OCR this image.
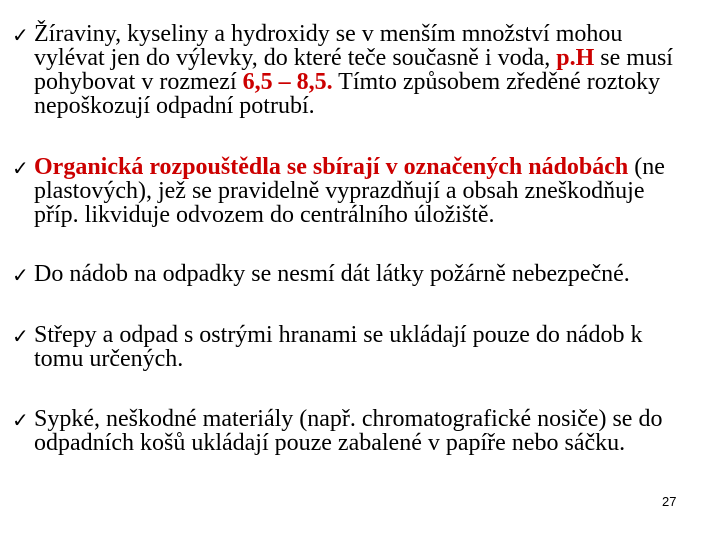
✓ Žíraviny, kyseliny a hydroxidy se v menším množství mohou vylévat jen do výlevky, do které teče současně i voda, p.H se musí pohybovat v rozmezí 6,5 – 8,5. Tímto způsobem zředěné roztoky nepoškozují odpadní potrubí.
✓ Organická rozpouštědla se sbírají v označených nádobách (ne plastových), jež se pravidelně vyprazdňují a obsah zneškodňuje příp. likviduje odvozem do centrálního úložiště.
✓ Do nádob na odpadky se nesmí dát látky požárně nebezpečné.
✓ Střepy a odpad s ostrými hranami se ukládají pouze do nádob k tomu určených.
✓ Sypké, neškodné materiály (např. chromatografické nosiče) se do odpadních košů ukládají pouze zabalené v papíře nebo sáčku.
27
